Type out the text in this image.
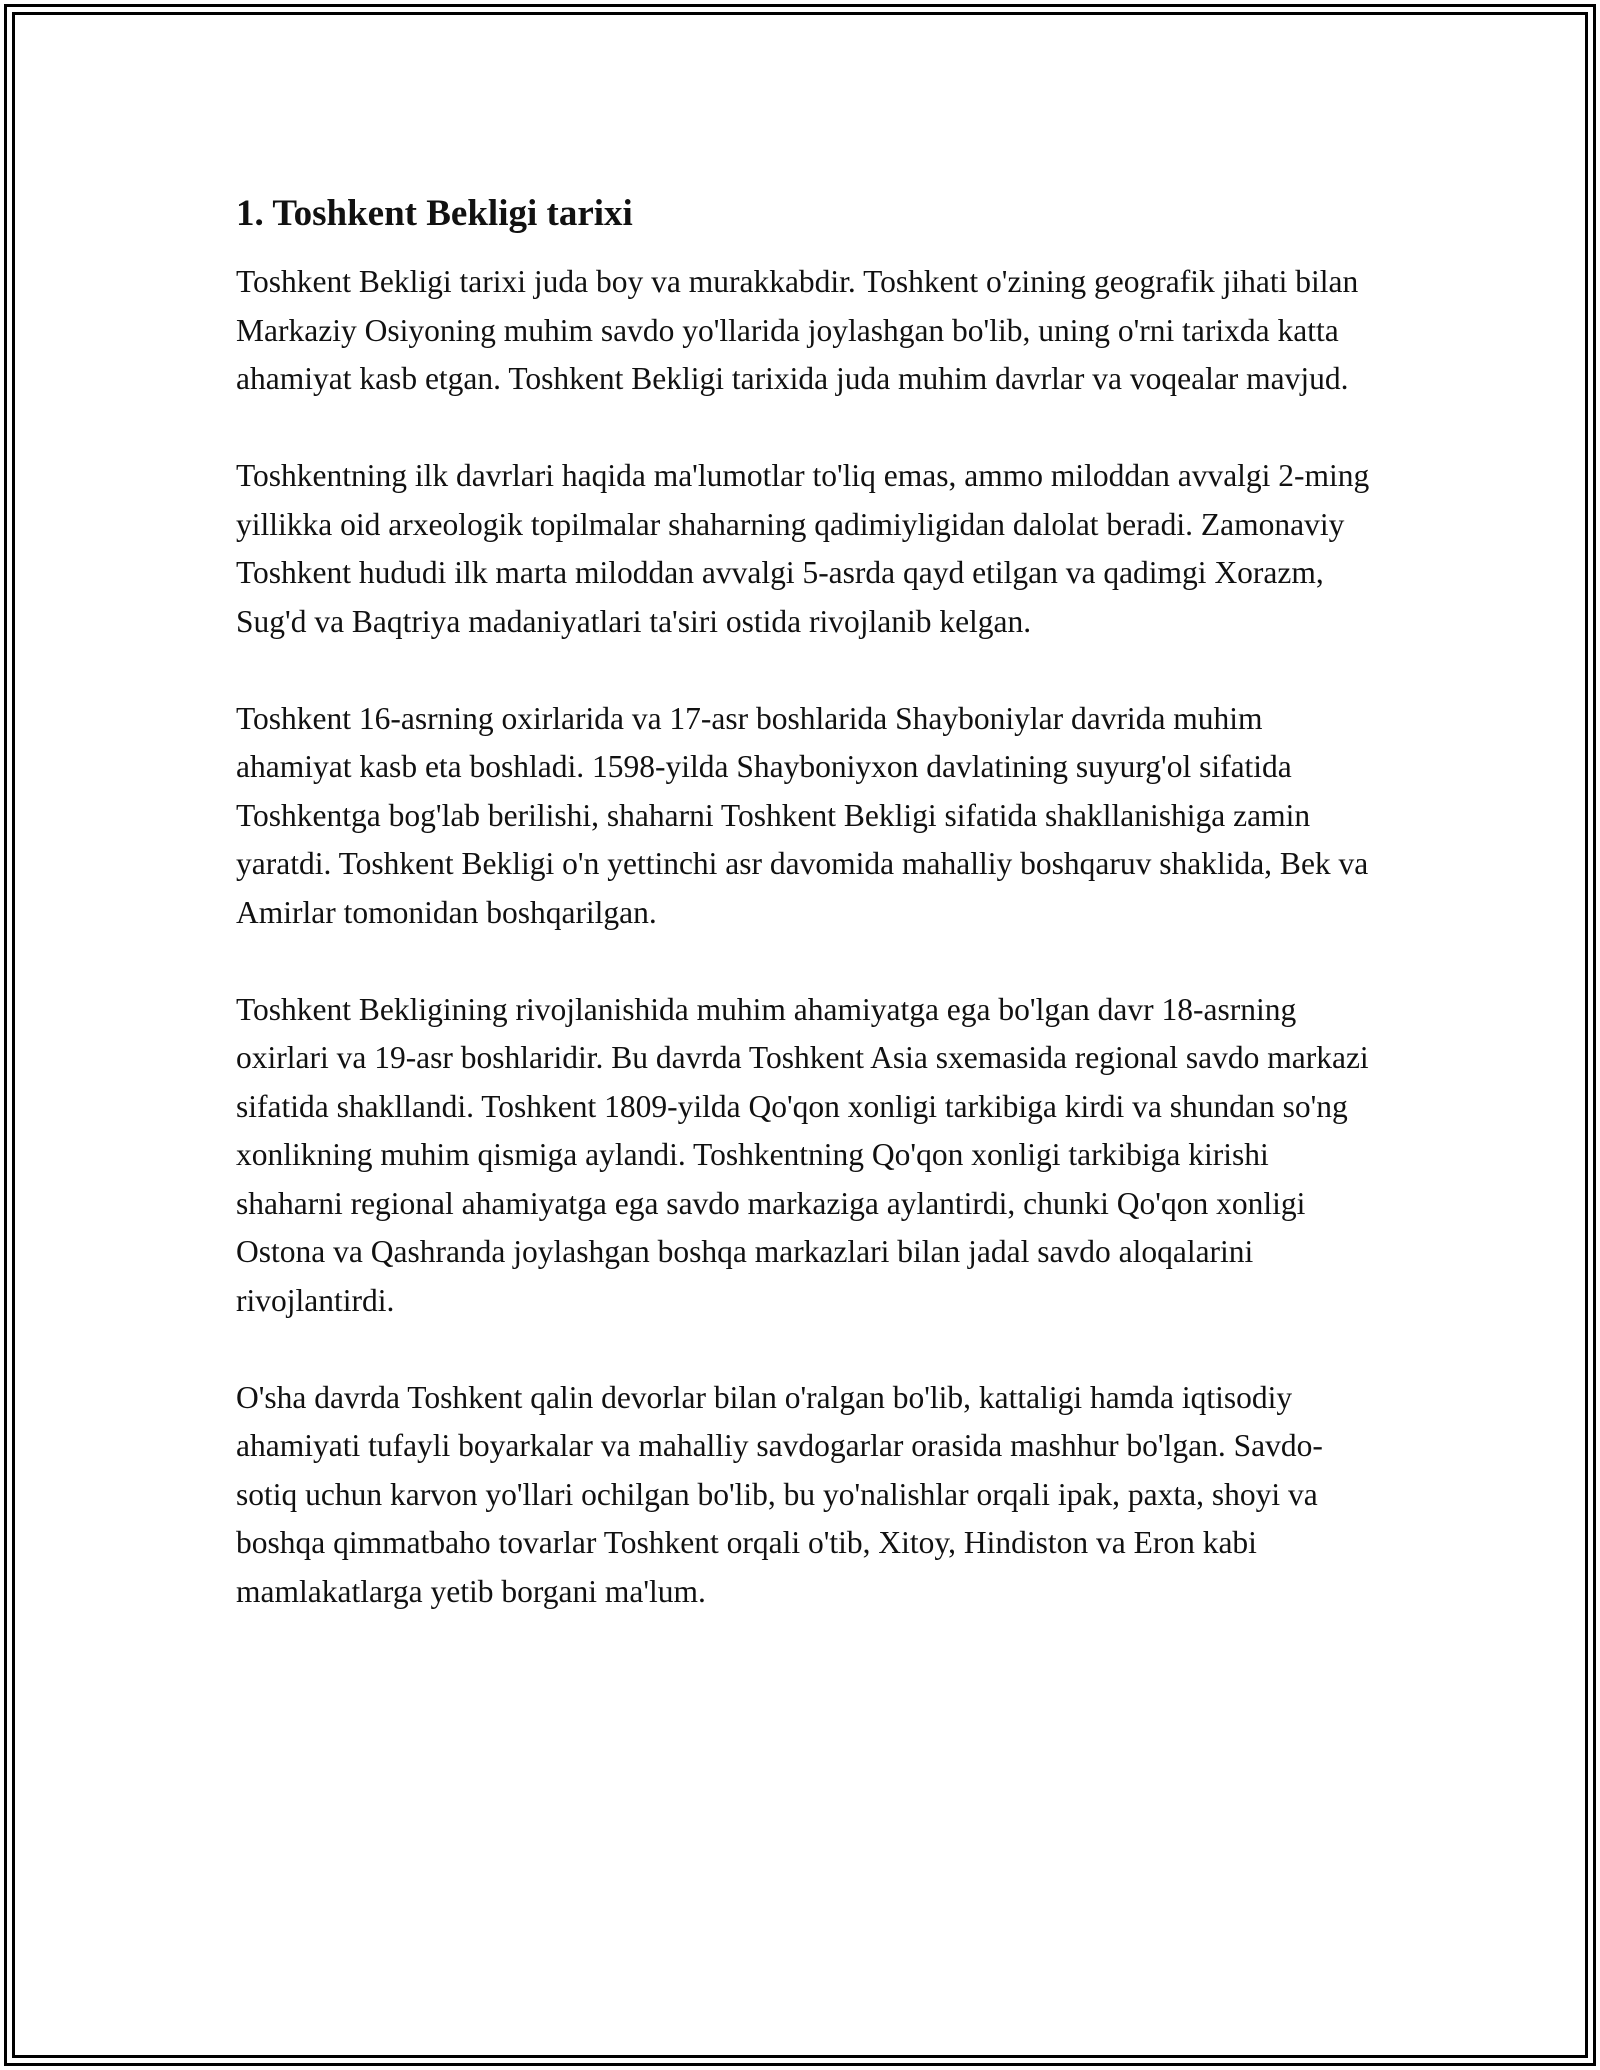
1. Toshkent Bekligi tarixi

Toshkent Bekligi tarixi juda boy va murakkabdir. Toshkent o'zining geografik jihati bilan Markaziy Osiyoning muhim savdo yo'llarida joylashgan bo'lib, uning o'rni tarixda katta ahamiyat kasb etgan. Toshkent Bekligi tarixida juda muhim davrlar va voqealar mavjud.

Toshkentning ilk davrlari haqida ma'lumotlar to'liq emas, ammo miloddan avvalgi 2-ming yillikka oid arxeologik topilmalar shaharning qadimiyligidan dalolat beradi. Zamonaviy Toshkent hududi ilk marta miloddan avvalgi 5-asrda qayd etilgan va qadimgi Xorazm, Sug'd va Baqtriya madaniyatlari ta'siri ostida rivojlanib kelgan.

Toshkent 16-asrning oxirlarida va 17-asr boshlarida Shayboniylar davrida muhim ahamiyat kasb eta boshladi. 1598-yilda Shayboniyxon davlatining suyurg'ol sifatida Toshkentga bog'lab berilishi, shaharni Toshkent Bekligi sifatida shakllanishiga zamin yaratdi. Toshkent Bekligi o'n yettinchi asr davomida mahalliy boshqaruv shaklida, Bek va Amirlar tomonidan boshqarilgan.

Toshkent Bekligining rivojlanishida muhim ahamiyatga ega bo'lgan davr 18-asrning oxirlari va 19-asr boshlaridir. Bu davrda Toshkent Asia sxemasida regional savdo markazi sifatida shakllandi. Toshkent 1809-yilda Qo'qon xonligi tarkibiga kirdi va shundan so'ng xonlikning muhim qismiga aylandi. Toshkentning Qo'qon xonligi tarkibiga kirishi shaharni regional ahamiyatga ega savdo markaziga aylantirdi, chunki Qo'qon xonligi Ostona va Qashranda joylashgan boshqa markazlari bilan jadal savdo aloqalarini rivojlantirdi.

O'sha davrda Toshkent qalin devorlar bilan o'ralgan bo'lib, kattaligi hamda iqtisodiy ahamiyati tufayli boyarkalar va mahalliy savdogarlar orasida mashhur bo'lgan. Savdo-sotiq uchun karvon yo'llari ochilgan bo'lib, bu yo'nalishlar orqali ipak, paxta, shoyi va boshqa qimmatbaho tovarlar Toshkent orqali o'tib, Xitoy, Hindiston va Eron kabi mamlakatlarga yetib borgani ma'lum.
